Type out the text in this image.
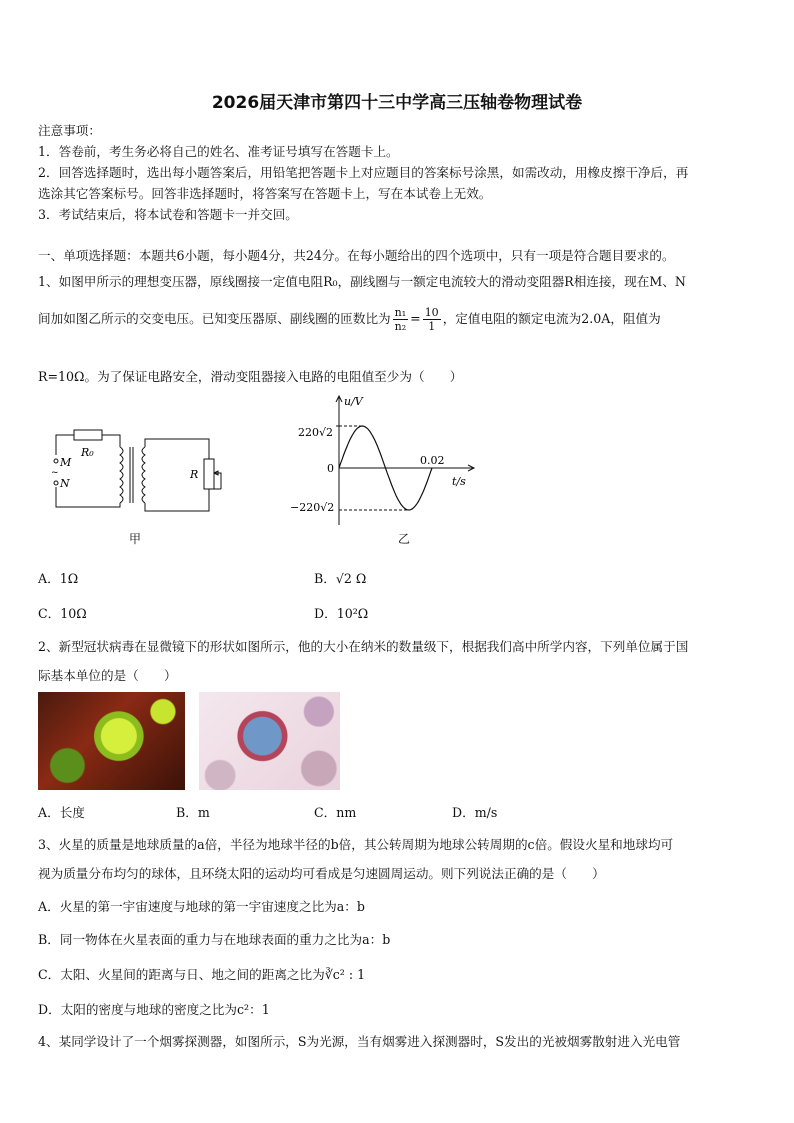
2026届天津市第四十三中学高三压轴卷物理试卷
注意事项：
1．答卷前，考生务必将自己的姓名、准考证号填写在答题卡上。
2．回答选择题时，选出每小题答案后，用铅笔把答题卡上对应题目的答案标号涂黑，如需改动，用橡皮擦干净后，再
选涂其它答案标号。回答非选择题时，将答案写在答题卡上，写在本试卷上无效。
3．考试结束后，将本试卷和答题卡一并交回。
一、单项选择题：本题共6小题，每小题4分，共24分。在每小题给出的四个选项中，只有一项是符合题目要求的。
1、如图甲所示的理想变压器，原线圈接一定值电阻R₀，副线圈与一额定电流较大的滑动变阻器R相连接，现在M、N
间加如图乙所示的交变电压。已知变压器原、副线圈的匝数比为 $\frac{\text{n₁}}{\text{n₂}} = \frac{10}{1}$ ，定值电阻的额定电流为2.0A，阻值为
R=10Ω。为了保证电路安全，滑动变阻器接入电路的电阻值至少为（　　）
R₀
M
~
N
R
甲
u/V
t/s
220√2
0
−220√2
0.02
乙
A．1Ω	B．√2 Ω
C．10Ω	D．10²Ω
2、新型冠状病毒在显微镜下的形状如图所示，他的大小在纳米的数量级下，根据我们高中所学内容，下列单位属于国
际基本单位的是（　　）
A．长度	B．m	C．nm	D．m/s
3、火星的质量是地球质量的a倍，半径为地球半径的b倍，其公转周期为地球公转周期的c倍。假设火星和地球均可
视为质量分布均匀的球体，且环绕太阳的运动均可看成是匀速圆周运动。则下列说法正确的是（　　）
A．火星的第一宇宙速度与地球的第一宇宙速度之比为a：b
B．同一物体在火星表面的重力与在地球表面的重力之比为a：b
C．太阳、火星间的距离与日、地之间的距离之比为∛c² : 1
D．太阳的密度与地球的密度之比为c²：1
4、某同学设计了一个烟雾探测器，如图所示，S为光源，当有烟雾进入探测器时，S发出的光被烟雾散射进入光电管
